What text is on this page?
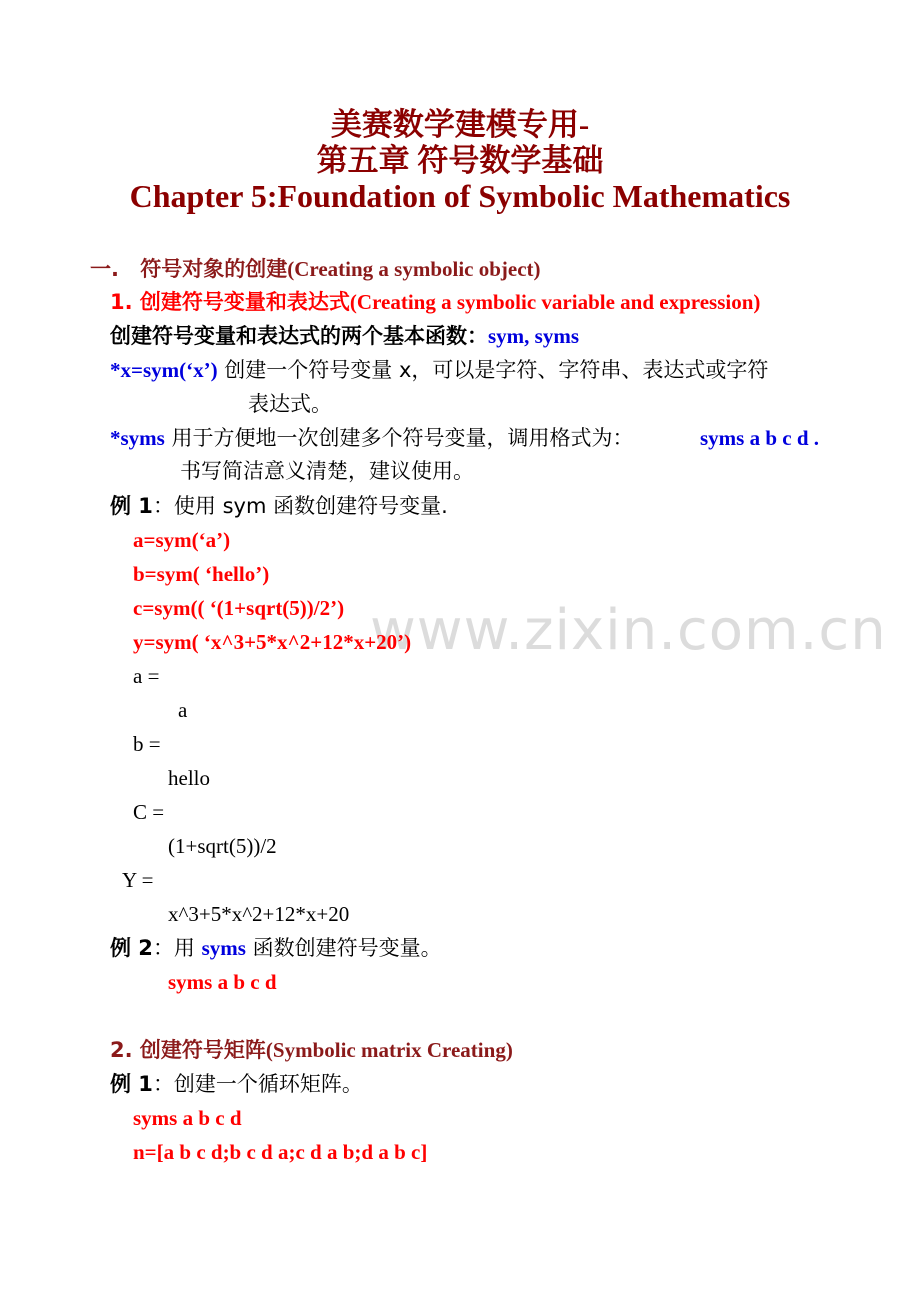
美赛数学建模专用-
第五章 符号数学基础
Chapter 5:Foundation of Symbolic Mathematics
www.zixin.com.cn
一. 符号对象的创建(Creating a symbolic object)
1. 创建符号变量和表达式(Creating a symbolic variable and expression)
创建符号变量和表达式的两个基本函数：sym, syms
*x=sym(‘x’) 创建一个符号变量 x，可以是字符、字符串、表达式或字符
表达式。
*syms 用于方便地一次创建多个符号变量，调用格式为：	syms a b c d .
书写简洁意义清楚，建议使用。
例 1：使用 sym 函数创建符号变量.
a=sym(‘a’)
b=sym( ‘hello’)
c=sym(( ‘(1+sqrt(5))/2’)
y=sym( ‘x^3+5*x^2+12*x+20’)
a =
a
b =
hello
C =
(1+sqrt(5))/2
Y =
x^3+5*x^2+12*x+20
例 2：用 syms 函数创建符号变量。
syms a b c d
2. 创建符号矩阵(Symbolic matrix Creating)
例 1：创建一个循环矩阵。
syms a b c d
n=[a b c d;b c d a;c d a b;d a b c]
